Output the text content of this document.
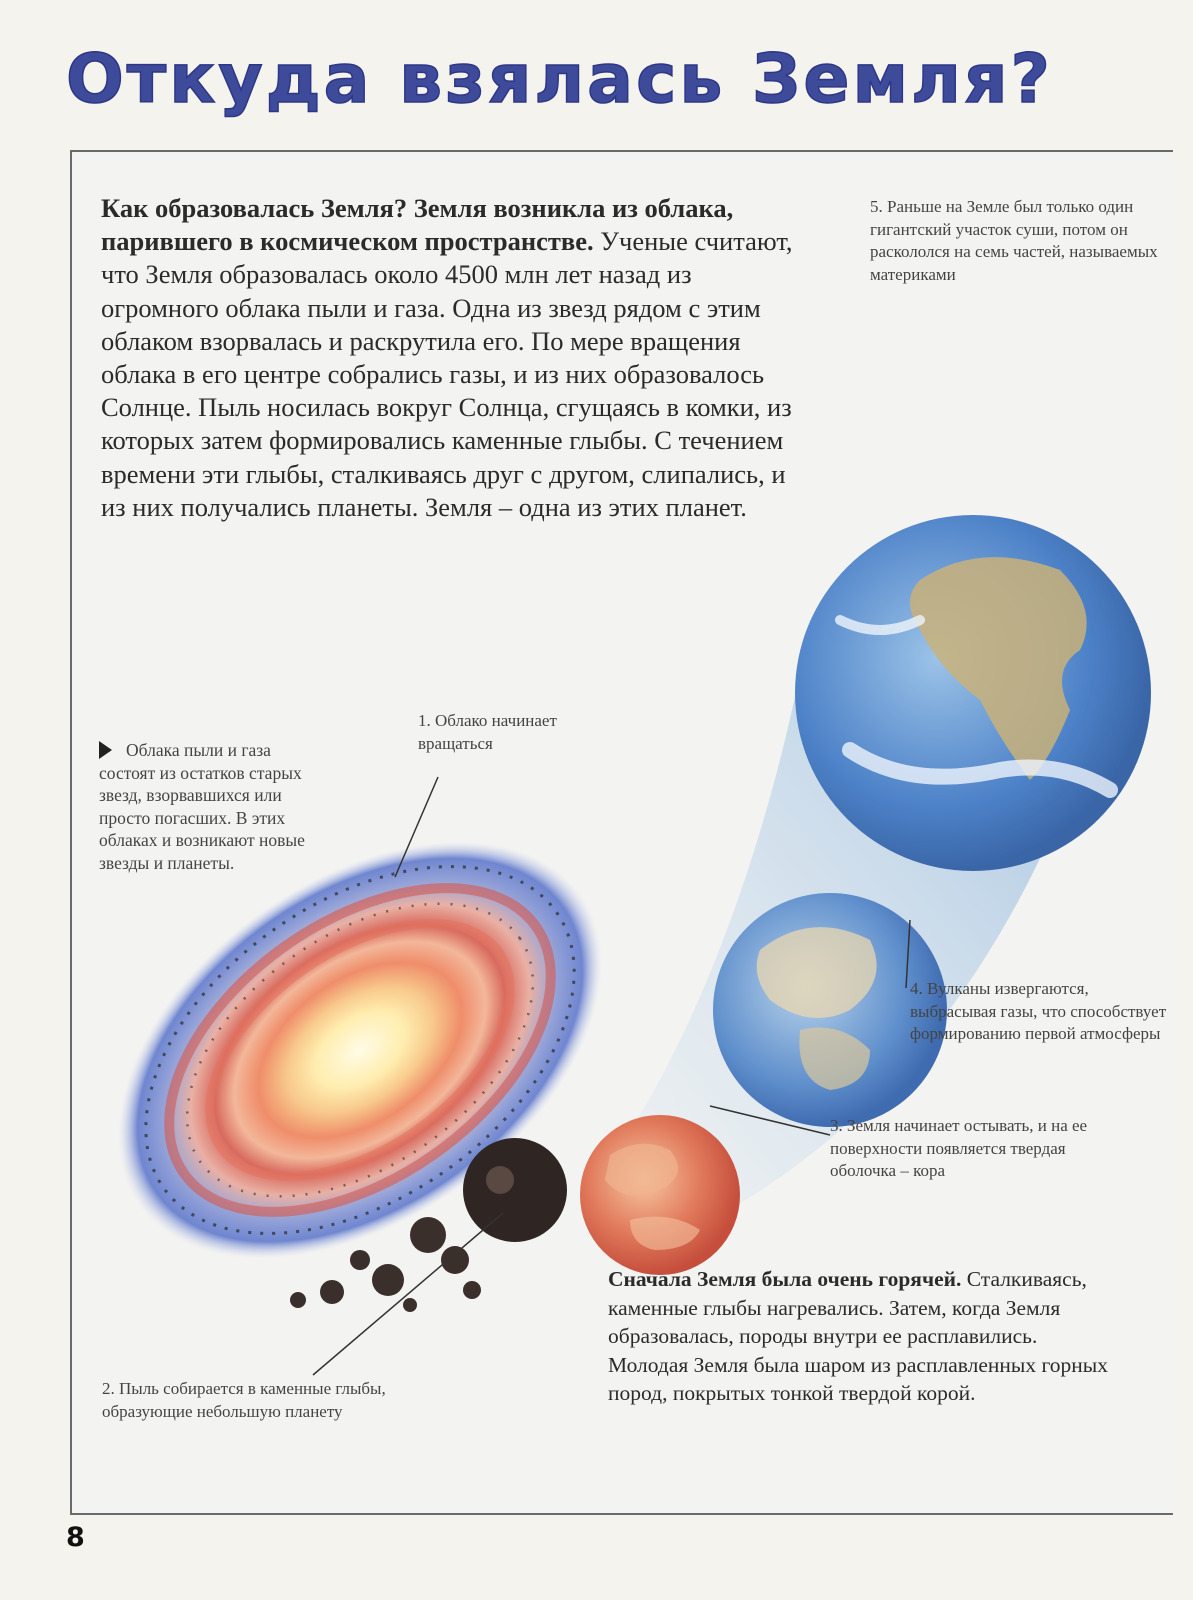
Откуда взялась Земля?
Как образовалась Земля? Земля возникла из облака, парившего в космическом пространстве. Ученые считают, что Земля образовалась около 4500 млн лет назад из огромного облака пыли и газа. Одна из звезд рядом с этим облаком взорвалась и раскрутила его. По мере вращения облака в его центре собрались газы, и из них образовалось Солнце. Пыль носилась вокруг Солнца, сгущаясь в комки, из которых затем формировались каменные глыбы. С течением времени эти глыбы, сталкиваясь друг с другом, слипались, и из них получались планеты. Земля – одна из этих планет.
5. Раньше на Земле был только один гигантский участок суши, потом он раскололся на семь частей, называемых материками
1. Облако начинает вращаться
Облака пыли и газа состоят из остатков старых звезд, взорвавшихся или просто погасших. В этих облаках и возникают новые звезды и планеты.
4. Вулканы извергаются, выбрасывая газы, что способствует формированию первой атмосферы
3. Земля начинает остывать, и на ее поверхности появляется твердая оболочка – кора
2. Пыль собирается в каменные глыбы, образующие небольшую планету
Сначала Земля была очень горячей. Сталкиваясь, каменные глыбы нагревались. Затем, когда Земля образовалась, породы внутри ее расплавились. Молодая Земля была шаром из расплавленных горных пород, покрытых тонкой твердой корой.
8
